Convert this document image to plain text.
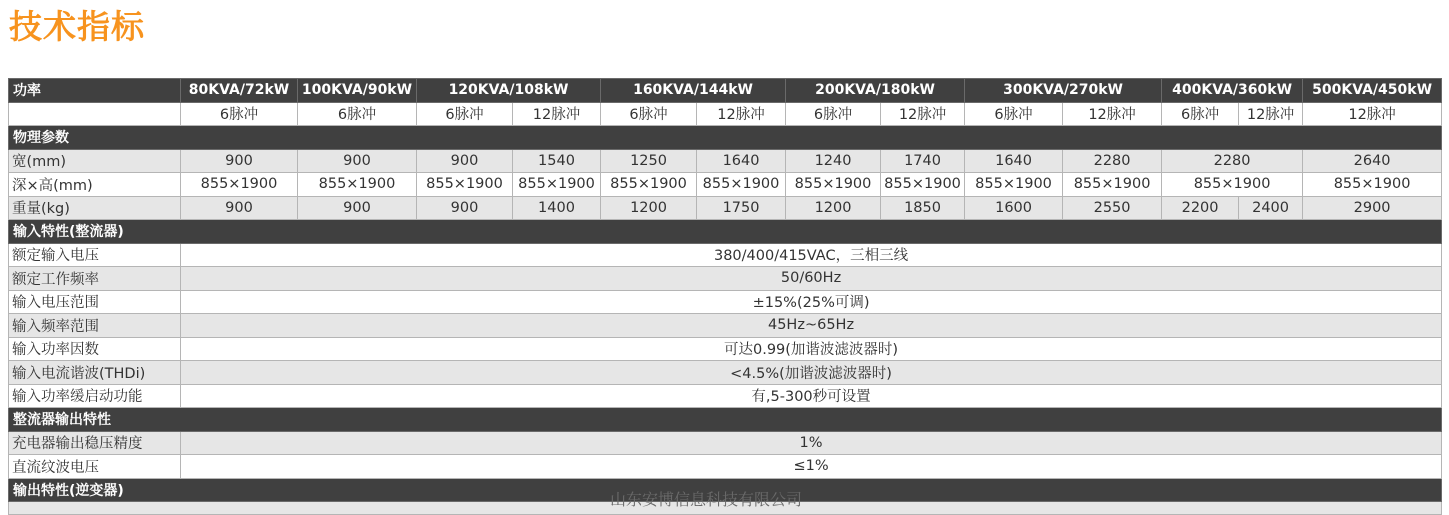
技术指标
功率	80KVA/72kW	100KVA/90kW	120KVA/108kW		160KVA/144kW		200KVA/180kW		300KVA/270kW		400KVA/360kW		500KVA/450kW
	6脉冲	6脉冲	6脉冲	12脉冲	6脉冲	12脉冲	6脉冲	12脉冲	6脉冲	12脉冲	6脉冲	12脉冲	12脉冲
物理参数													
宽(mm)	900	900	900	1540	1250	1640	1240	1740	1640	2280	2280		2640
深×高(mm)	855×1900	855×1900	855×1900	855×1900	855×1900	855×1900	855×1900	855×1900	855×1900	855×1900	855×1900		855×1900
重量(kg)	900	900	900	1400	1200	1750	1200	1850	1600	2550	2200	2400	2900
输入特性(整流器)													
额定输入电压	380/400/415VAC，三相三线												
额定工作频率	50/60Hz												
输入电压范围	±15%(25%可调)												
输入频率范围	45Hz~65Hz												
输入功率因数	可达0.99(加谐波滤波器时)												
输入电流谐波(THDi)	<4.5%(加谐波滤波器时)												
输入功率缓启动功能	有,5-300秒可设置												
整流器输出特性													
充电器输出稳压精度	1%												
直流纹波电压	≤1%												
输出特性(逆变器)														山东安博信息科技有限公司
